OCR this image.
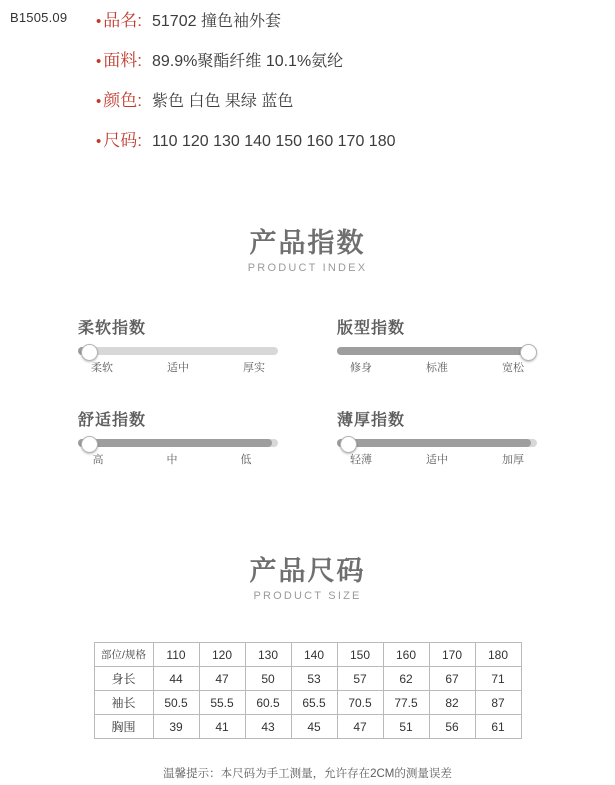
B1505.09 • 品名: 51702 撞色袖外套
• 面料: 89.9%聚酯纤维 10.1%氨纶
• 颜色: 紫色 白色 果绿 蓝色
• 尺码: 110 120 130 140 150 160 170 180
产品指数
PRODUCT INDEX
柔软指数
柔软	适中	厚实
版型指数
修身	标准	宽松
舒适指数
高	中	低
薄厚指数
轻薄	适中	加厚
产品尺码
PRODUCT SIZE
部位/规格	110	120	130	140	150	160	170	180
身长	44	47	50	53	57	62	67	71
袖长	50.5	55.5	60.5	65.5	70.5	77.5	82	87
胸围	39	41	43	45	47	51	56	61
温馨提示：本尺码为手工测量，允许存在2CM的测量误差
